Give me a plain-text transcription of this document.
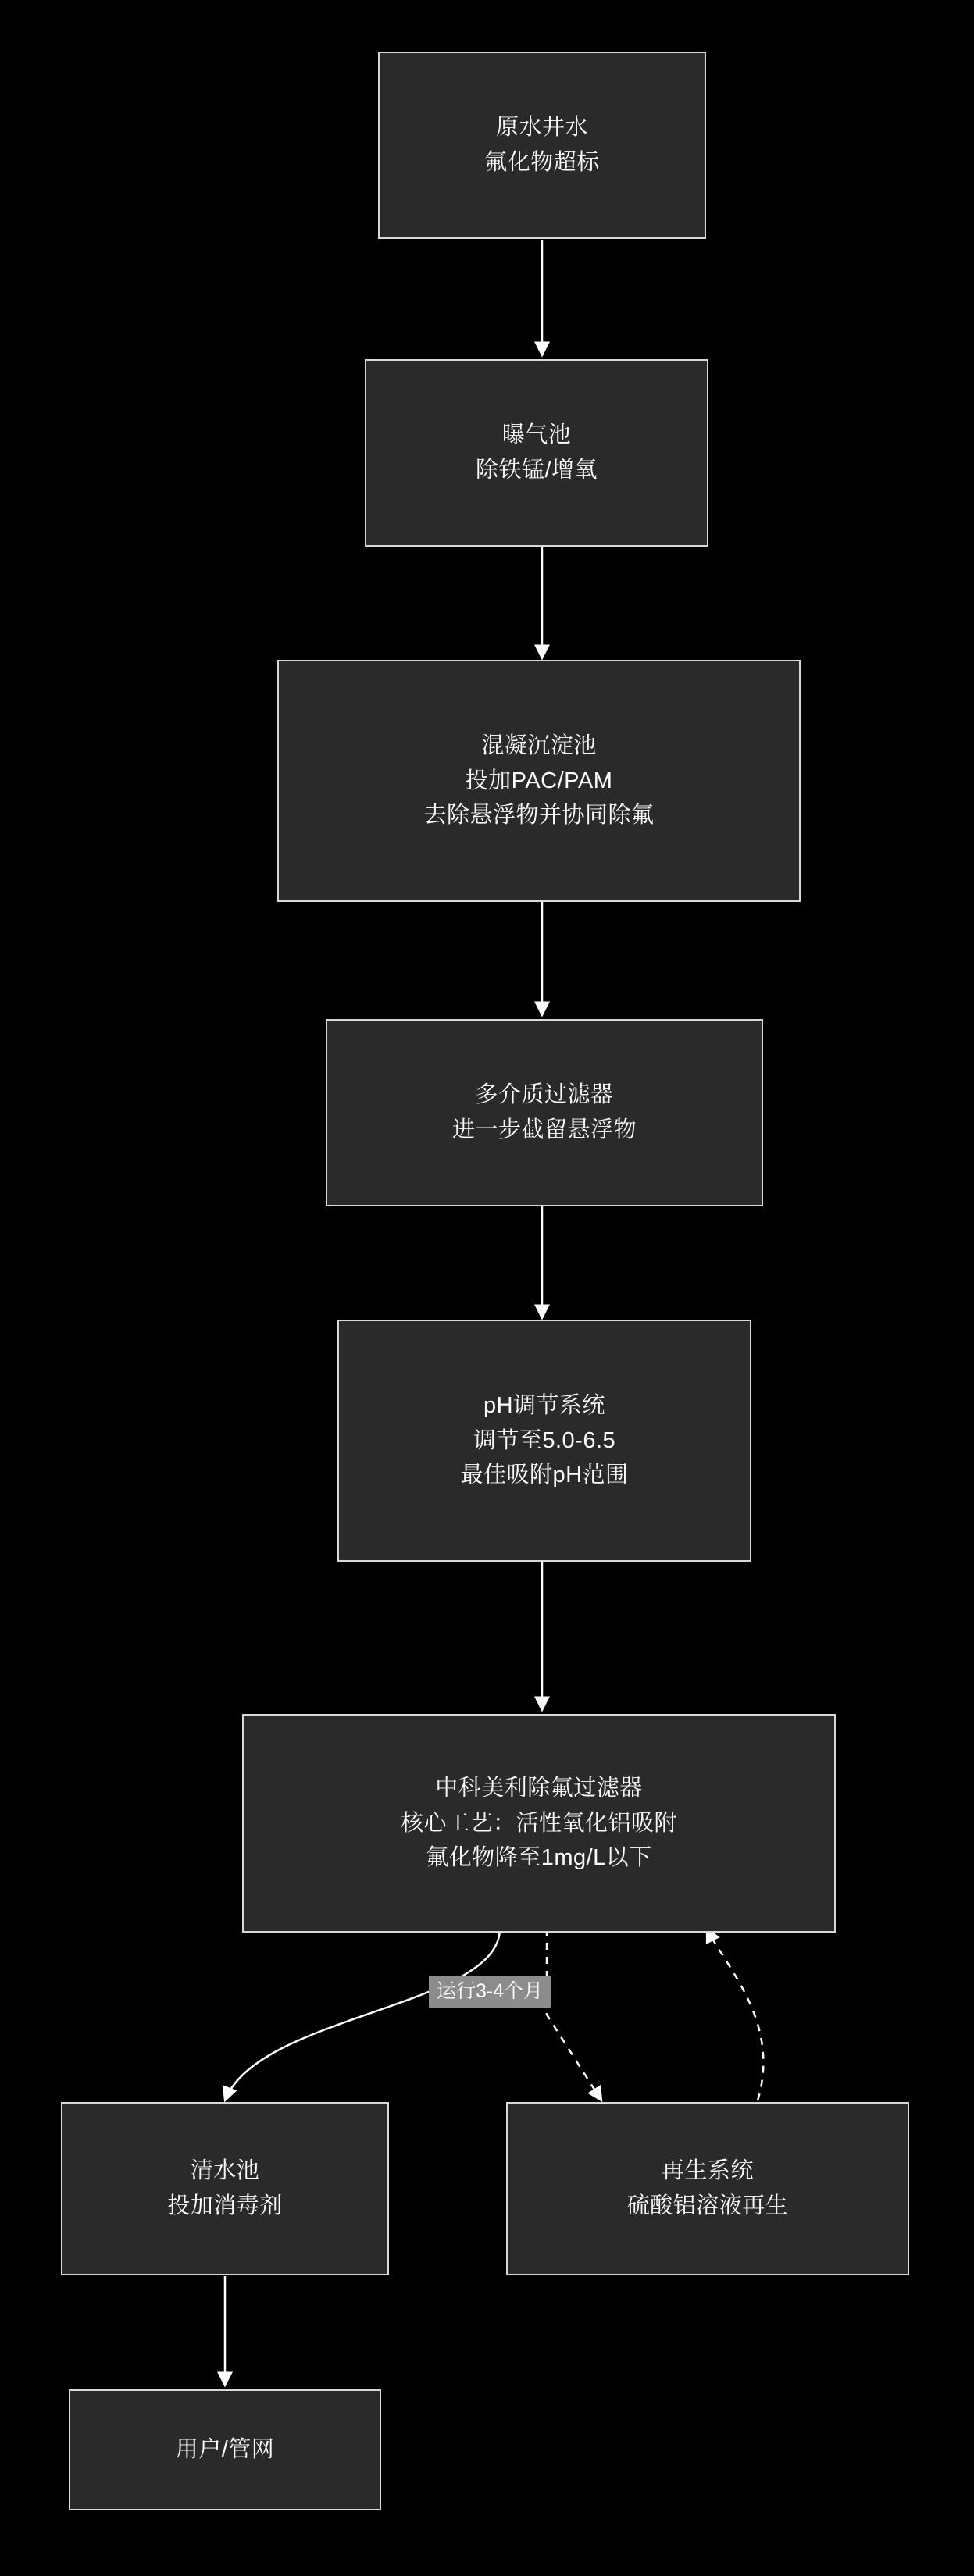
原水井水
氟化物超标
曝气池
除铁锰/增氧
混凝沉淀池
投加PAC/PAM
去除悬浮物并协同除氟
多介质过滤器
进一步截留悬浮物
pH调节系统
调节至5.0-6.5
最佳吸附pH范围
中科美利除氟过滤器
核心工艺：活性氧化铝吸附
氟化物降至1mg/L以下
运行3-4个月
清水池
投加消毒剂
再生系统
硫酸铝溶液再生
用户/管网
